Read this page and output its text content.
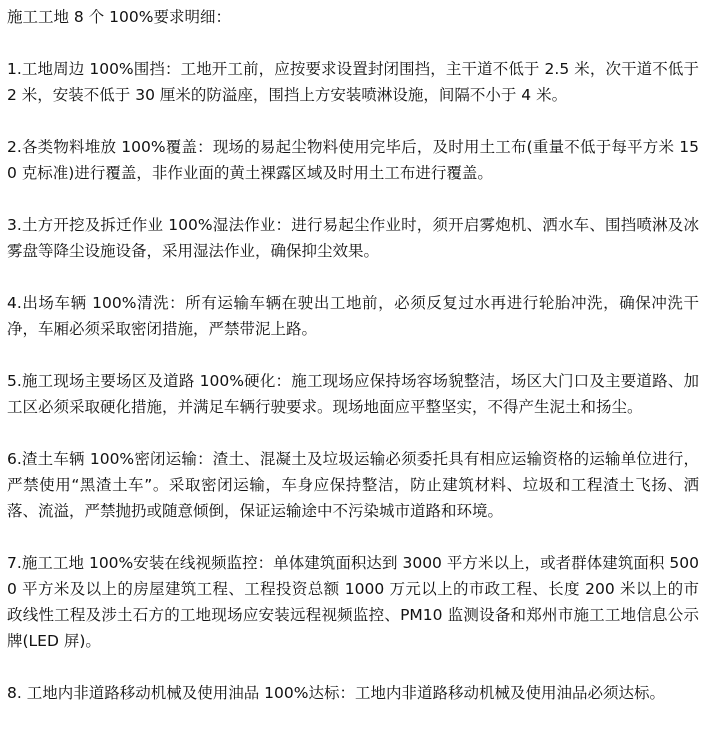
施工工地 8 个 100%要求明细：
1.工地周边 100%围挡：工地开工前，应按要求设置封闭围挡，主干道不低于 2.5 米，次干道不低于 2 米，安装不低于 30 厘米的防溢座，围挡上方安装喷淋设施，间隔不小于 4 米。
2.各类物料堆放 100%覆盖：现场的易起尘物料使用完毕后，及时用土工布(重量不低于每平方米 150 克标准)进行覆盖，非作业面的黄土裸露区域及时用土工布进行覆盖。
3.土方开挖及拆迁作业 100%湿法作业：进行易起尘作业时，须开启雾炮机、洒水车、围挡喷淋及冰雾盘等降尘设施设备，采用湿法作业，确保抑尘效果。
4.出场车辆 100%清洗：所有运输车辆在驶出工地前，必须反复过水再进行轮胎冲洗，确保冲洗干净，车厢必须采取密闭措施，严禁带泥上路。
5.施工现场主要场区及道路 100%硬化：施工现场应保持场容场貌整洁，场区大门口及主要道路、加工区必须采取硬化措施，并满足车辆行驶要求。现场地面应平整坚实，不得产生泥土和扬尘。
6.渣土车辆 100%密闭运输：渣土、混凝土及垃圾运输必须委托具有相应运输资格的运输单位进行，严禁使用“黑渣土车”。采取密闭运输，车身应保持整洁，防止建筑材料、垃圾和工程渣土飞扬、洒落、流溢，严禁抛扔或随意倾倒，保证运输途中不污染城市道路和环境。
7.施工工地 100%安装在线视频监控：单体建筑面积达到 3000 平方米以上，或者群体建筑面积 5000 平方米及以上的房屋建筑工程、工程投资总额 1000 万元以上的市政工程、长度 200 米以上的市政线性工程及涉土石方的工地现场应安装远程视频监控、PM10 监测设备和郑州市施工工地信息公示牌(LED 屏)。
8. 工地内非道路移动机械及使用油品 100%达标：工地内非道路移动机械及使用油品必须达标。
